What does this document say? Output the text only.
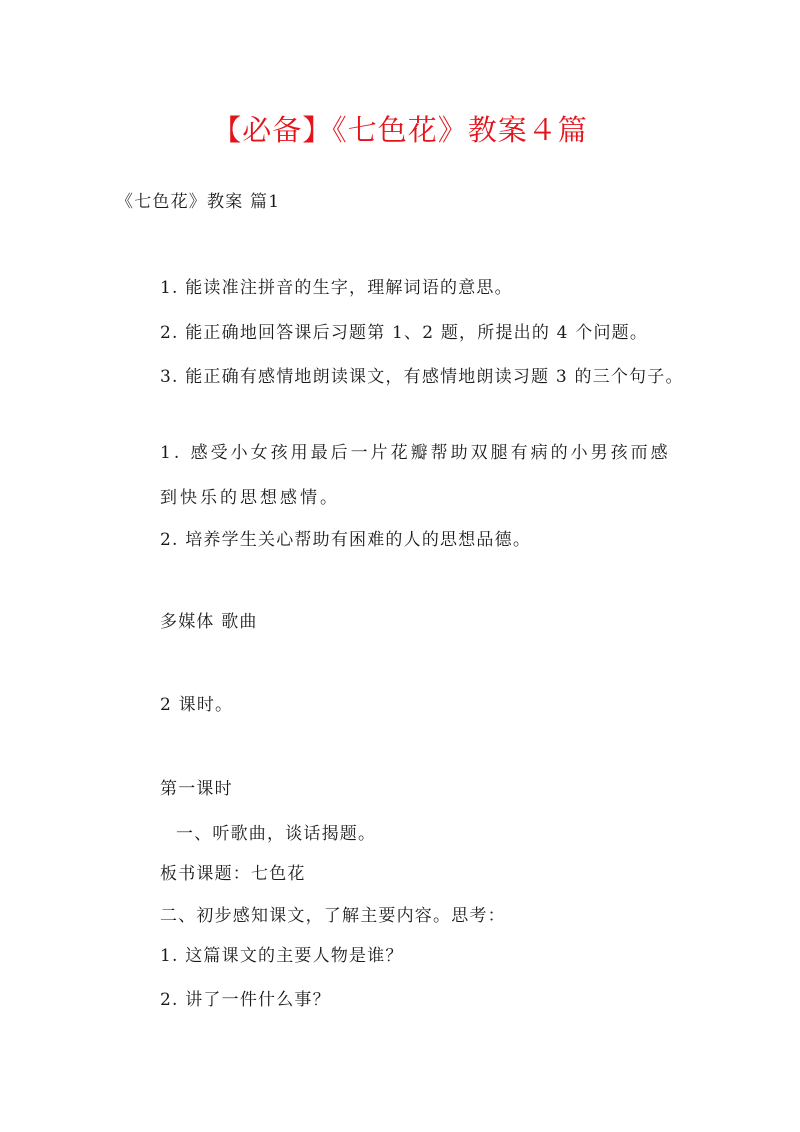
【必备】《七色花》教案４篇
《七色花》教案 篇1
1. 能读准注拼音的生字，理解词语的意思。
2. 能正确地回答课后习题第 1、2 题，所提出的 4 个问题。
3. 能正确有感情地朗读课文，有感情地朗读习题 3 的三个句子。
1. 感受小女孩用最后一片花瓣帮助双腿有病的小男孩而感到快乐的思想感情。
2. 培养学生关心帮助有困难的人的思想品德。
多媒体 歌曲
2 课时。
第一课时
一、听歌曲，谈话揭题。
板书课题：七色花
二、初步感知课文，了解主要内容。思考：
1. 这篇课文的主要人物是谁？
2. 讲了一件什么事？
